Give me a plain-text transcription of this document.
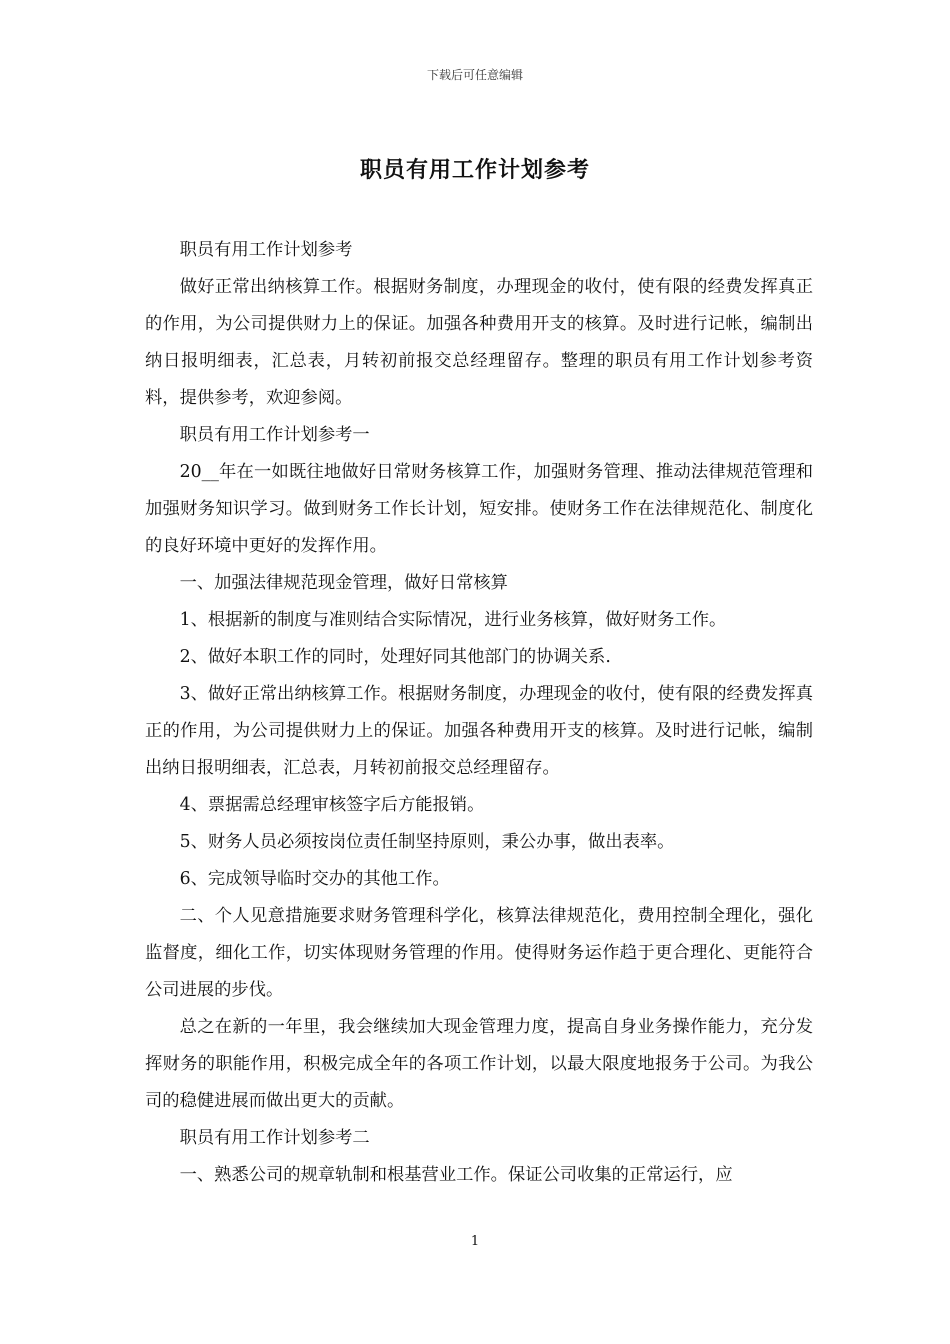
下载后可任意编辑
职员有用工作计划参考

职员有用工作计划参考

做好正常出纳核算工作。根据财务制度，办理现金的收付，使有限的经费发挥真正的作用，为公司提供财力上的保证。加强各种费用开支的核算。及时进行记帐，编制出纳日报明细表，汇总表，月转初前报交总经理留存。整理的职员有用工作计划参考资料，提供参考，欢迎参阅。

职员有用工作计划参考一

20__年在一如既往地做好日常财务核算工作，加强财务管理、推动法律规范管理和加强财务知识学习。做到财务工作长计划，短安排。使财务工作在法律规范化、制度化的良好环境中更好的发挥作用。

一、加强法律规范现金管理，做好日常核算

1、根据新的制度与准则结合实际情况，进行业务核算，做好财务工作。

2、做好本职工作的同时，处理好同其他部门的协调关系.

3、做好正常出纳核算工作。根据财务制度，办理现金的收付，使有限的经费发挥真正的作用，为公司提供财力上的保证。加强各种费用开支的核算。及时进行记帐，编制出纳日报明细表，汇总表，月转初前报交总经理留存。

4、票据需总经理审核签字后方能报销。

5、财务人员必须按岗位责任制坚持原则，秉公办事，做出表率。

6、完成领导临时交办的其他工作。

二、个人见意措施要求财务管理科学化，核算法律规范化，费用控制全理化，强化监督度，细化工作，切实体现财务管理的作用。使得财务运作趋于更合理化、更能符合公司进展的步伐。

总之在新的一年里，我会继续加大现金管理力度，提高自身业务操作能力，充分发挥财务的职能作用，积极完成全年的各项工作计划，以最大限度地报务于公司。为我公司的稳健进展而做出更大的贡献。

职员有用工作计划参考二

一、熟悉公司的规章轨制和根基营业工作。保证公司收集的正常运行，应

1
